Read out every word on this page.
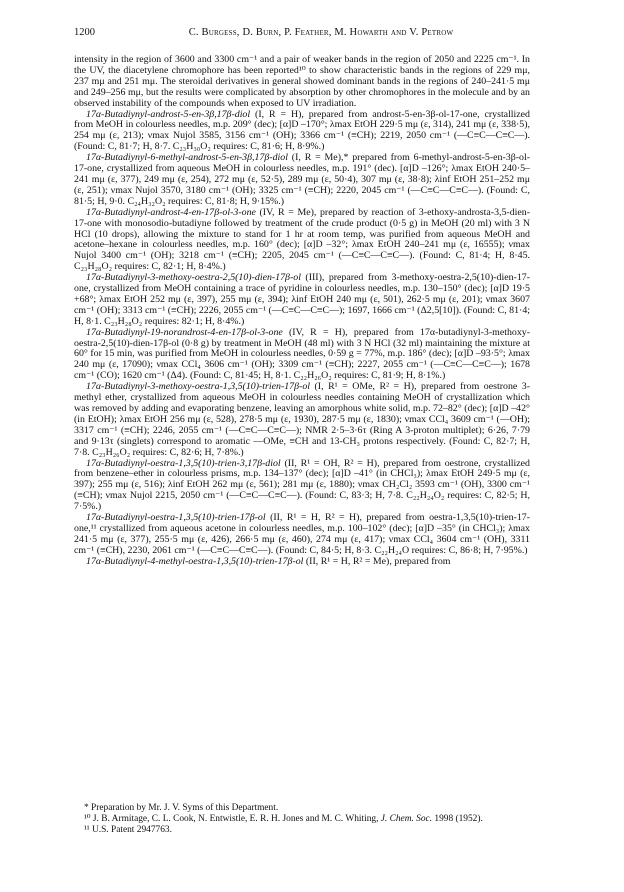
1200	C. Burgess, D. Burn, P. Feather, M. Howarth and V. Petrow

intensity in the region of 3600 and 3300 cm⁻¹ and a pair of weaker bands in the region of 2050 and 2225 cm⁻¹. In the UV, the diacetylene chromophore has been reported¹⁰ to show characteristic bands in the regions of 229 mμ, 237 mμ and 251 mμ. The steroidal derivatives in general showed dominant bands in the regions of 240–241·5 mμ and 249–256 mμ, but the results were complicated by absorption by other chromophores in the molecule and by an observed instability of the compounds when exposed to UV irradiation.

17α-Butadiynyl-androst-5-en-3β,17β-diol (I, R = H), prepared from androst-5-en-3β-ol-17-one, crystallized from MeOH in colourless needles, m.p. 209° (dec); [α]D –170°; λmax EtOH 229·5 mμ (ε, 314), 241 mμ (ε, 338·5), 254 mμ (ε, 213); νmax Nujol 3585, 3156 cm⁻¹ (OH); 3366 cm⁻¹ (≡CH); 2219, 2050 cm⁻¹ (—C≡C—C≡C—). (Found: C, 81·7; H, 8·7. C₂₃H₃₀O₂ requires: C, 81·6; H, 8·9%.)

17α-Butadiynyl-6-methyl-androst-5-en-3β,17β-diol (I, R = Me),* prepared from 6-methyl-androst-5-en-3β-ol-17-one, crystallized from aqueous MeOH in colourless needles, m.p. 191° (dec). [α]D –126°; λmax EtOH 240·5–241 mμ (ε, 377), 249 mμ (ε, 254), 272 mμ (ε, 52·5), 289 mμ (ε, 50·4), 307 mμ (ε, 38·8); λinf EtOH 251–252 mμ (ε, 251); νmax Nujol 3570, 3180 cm⁻¹ (OH); 3325 cm⁻¹ (≡CH); 2220, 2045 cm⁻¹ (—C≡C—C≡C—). (Found: C, 81·5; H, 9·0. C₂₄H₃₂O₂ requires: C, 81·8; H, 9·15%.)

17α-Butadiynyl-androst-4-en-17β-ol-3-one (IV, R = Me), prepared by reaction of 3-ethoxy-androsta-3,5-dien-17-one with monosodio-butadiyne followed by treatment of the crude product (0·5 g) in MeOH (20 ml) with 3 N HCl (10 drops), allowing the mixture to stand for 1 hr at room temp, was purified from aqueous MeOH and acetone–hexane in colourless needles, m.p. 160° (dec); [α]D –32°; λmax EtOH 240–241 mμ (ε, 16555); νmax Nujol 3400 cm⁻¹ (OH); 3218 cm⁻¹ (≡CH); 2205, 2045 cm⁻¹ (—C≡C—C≡C—). (Found: C, 81·4; H, 8·45. C₂₃H₂₈O₂ requires: C, 82·1; H, 8·4%.)

17α-Butadiynyl-3-methoxy-oestra-2,5(10)-dien-17β-ol (III), prepared from 3-methoxy-oestra-2,5(10)-dien-17-one, crystallized from MeOH containing a trace of pyridine in colourless needles, m.p. 130–150° (dec); [α]D 19·5 +68°; λmax EtOH 252 mμ (ε, 397), 255 mμ (ε, 394); λinf EtOH 240 mμ (ε, 501), 262·5 mμ (ε, 201); νmax 3607 cm⁻¹ (OH); 3313 cm⁻¹ (≡CH); 2226, 2055 cm⁻¹ (—C≡C—C≡C—); 1697, 1666 cm⁻¹ (Δ2,5[10]). (Found: C, 81·4; H, 8·1. C₂₃H₂₈O₂ requires: 82·1; H, 8·4%.)

17α-Butadiynyl-19-norandrost-4-en-17β-ol-3-one (IV, R = H), prepared from 17α-butadiynyl-3-methoxy-oestra-2,5(10)-dien-17β-ol (0·8 g) by treatment in MeOH (48 ml) with 3 N HCl (32 ml) maintaining the mixture at 60° for 15 min, was purified from MeOH in colourless needles, 0·59 g = 77%, m.p. 186° (dec); [α]D –93·5°; λmax 240 mμ (ε, 17090); νmax CCl₄ 3606 cm⁻¹ (OH); 3309 cm⁻¹ (≡CH); 2227, 2055 cm⁻¹ (—C≡C—C≡C—); 1678 cm⁻¹ (CO); 1620 cm⁻¹ (Δ4). (Found: C, 81·45; H, 8·1. C₂₂H₂₆O₂ requires: C, 81·9; H, 8·1%.)

17α-Butadiynyl-3-methoxy-oestra-1,3,5(10)-trien-17β-ol (I, R¹ = OMe, R² = H), prepared from oestrone 3-methyl ether, crystallized from aqueous MeOH in colourless needles containing MeOH of crystallization which was removed by adding and evaporating benzene, leaving an amorphous white solid, m.p. 72–82° (dec); [α]D –42° (in EtOH); λmax EtOH 256 mμ (ε, 528), 278·5 mμ (ε, 1930), 287·5 mμ (ε, 1830); νmax CCl₄ 3609 cm⁻¹ (—OH); 3317 cm⁻¹ (≡CH); 2246, 2055 cm⁻¹ (—C≡C—C≡C—); NMR 2·5–3·6τ (Ring A 3-proton multiplet); 6·26, 7·79 and 9·13τ (singlets) correspond to aromatic —OMe, ≡CH and 13-CH₃ protons respectively. (Found: C, 82·7; H, 7·8. C₂₃H₂₆O₂ requires: C, 82·6; H, 7·8%.)

17α-Butadiynyl-oestra-1,3,5(10)-trien-3,17β-diol (II, R¹ = OH, R² = H), prepared from oestrone, crystallized from benzene–ether in colourless prisms, m.p. 134–137° (dec); [α]D –41° (in CHCl₃); λmax EtOH 249·5 mμ (ε, 397); 255 mμ (ε, 516); λinf EtOH 262 mμ (ε, 561); 281 mμ (ε, 1880); νmax CH₂Cl₂ 3593 cm⁻¹ (OH), 3300 cm⁻¹ (≡CH); νmax Nujol 2215, 2050 cm⁻¹ (—C≡C—C≡C—). (Found: C, 83·3; H, 7·8. C₂₂H₂₄O₂ requires: C, 82·5; H, 7·5%.)

17α-Butadiynyl-oestra-1,3,5(10)-trien-17β-ol (II, R¹ = H, R² = H), prepared from oestra-1,3,5(10)-trien-17-one,¹¹ crystallized from aqueous acetone in colourless needles, m.p. 100–102° (dec); [α]D –35° (in CHCl₃); λmax 241·5 mμ (ε, 377), 255·5 mμ (ε, 426), 266·5 mμ (ε, 460), 274 mμ (ε, 417); νmax CCl₄ 3604 cm⁻¹ (OH), 3311 cm⁻¹ (≡CH), 2230, 2061 cm⁻¹ (—C≡C—C≡C—). (Found: C, 84·5; H, 8·3. C₂₂H₂₄O requires: C, 86·8; H, 7·95%.)

17α-Butadiynyl-4-methyl-oestra-1,3,5(10)-trien-17β-ol (II, R¹ = H, R² = Me), prepared from

* Preparation by Mr. J. V. Syms of this Department.

¹⁰ J. B. Armitage, C. L. Cook, N. Entwistle, E. R. H. Jones and M. C. Whiting, J. Chem. Soc. 1998 (1952).

¹¹ U.S. Patent 2947763.
